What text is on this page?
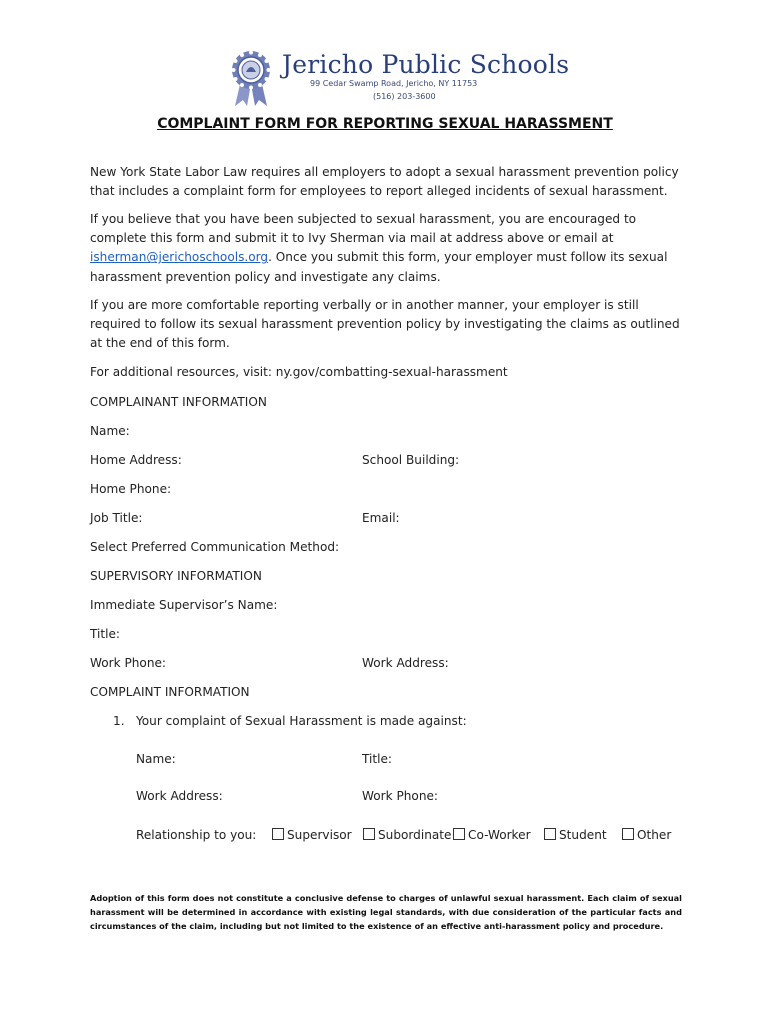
Jericho Public Schools
99 Cedar Swamp Road, Jericho, NY 11753
(516) 203-3600
COMPLAINT FORM FOR REPORTING SEXUAL HARASSMENT
New York State Labor Law requires all employers to adopt a sexual harassment prevention policy that includes a complaint form for employees to report alleged incidents of sexual harassment.
If you believe that you have been subjected to sexual harassment, you are encouraged to complete this form and submit it to Ivy Sherman via mail at address above or email at isherman@jerichoschools.org. Once you submit this form, your employer must follow its sexual harassment prevention policy and investigate any claims.
If you are more comfortable reporting verbally or in another manner, your employer is still required to follow its sexual harassment prevention policy by investigating the claims as outlined at the end of this form.
For additional resources, visit: ny.gov/combatting-sexual-harassment
COMPLAINANT INFORMATION
Name:
Home Address:	School Building:
Home Phone:
Job Title:	Email:
Select Preferred Communication Method:
SUPERVISORY INFORMATION
Immediate Supervisor’s Name:
Title:
Work Phone:	Work Address:
COMPLAINT INFORMATION
1. Your complaint of Sexual Harassment is made against:
Name:	Title:
Work Address:	Work Phone:
Relationship to you:	Supervisor	Subordinate	Co-Worker	Student	Other
Adoption of this form does not constitute a conclusive defense to charges of unlawful sexual harassment. Each claim of sexual harassment will be determined in accordance with existing legal standards, with due consideration of the particular facts and circumstances of the claim, including but not limited to the existence of an effective anti-harassment policy and procedure.
